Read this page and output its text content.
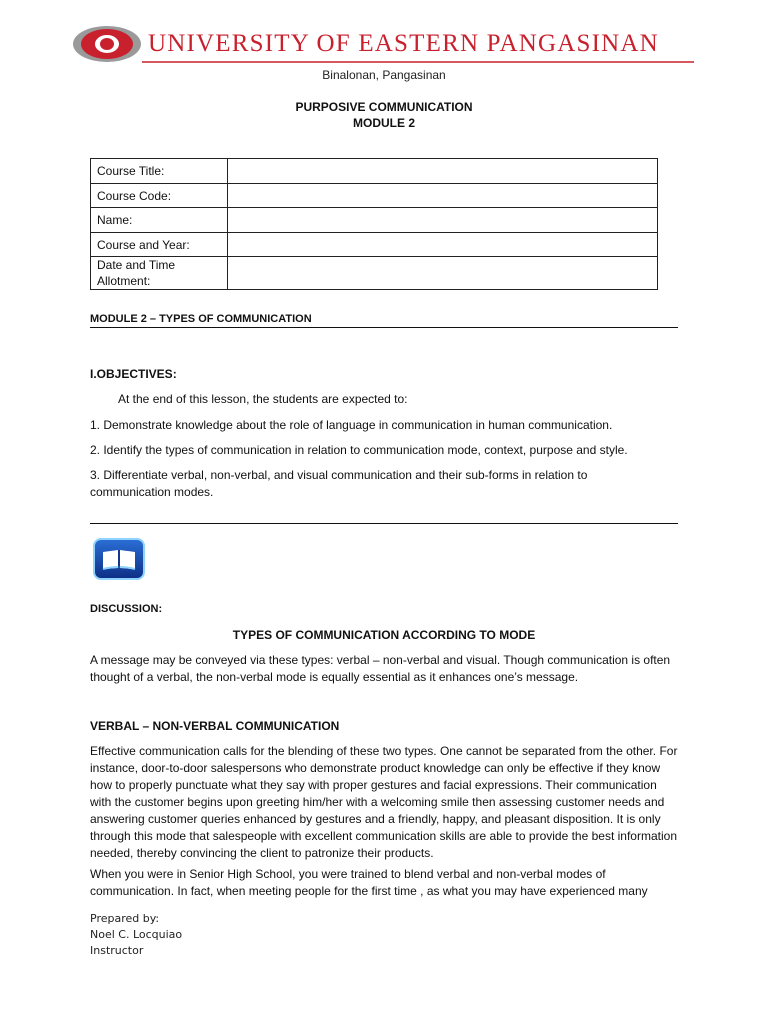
UNIVERSITY OF EASTERN PANGASINAN
Binalonan, Pangasinan
PURPOSIVE COMMUNICATION
MODULE 2
Course Title:	
Course Code:	
Name:	
Course and Year:	
Date and Time Allotment:	
MODULE 2 – TYPES OF COMMUNICATION
I.OBJECTIVES:
At the end of this lesson, the students are expected to:
1. Demonstrate knowledge about the role of language in communication in human communication.
2. Identify the types of communication in relation to communication mode, context, purpose and style.
3. Differentiate verbal, non-verbal, and visual communication and their sub-forms in relation to communication modes.
DISCUSSION:
TYPES OF COMMUNICATION ACCORDING TO MODE
A message may be conveyed via these types: verbal – non-verbal and visual. Though communication is often thought of a verbal, the non-verbal mode is equally essential as it enhances one’s message.
VERBAL – NON-VERBAL COMMUNICATION
Effective communication calls for the blending of these two types. One cannot be separated from the other. For instance, door-to-door salespersons who demonstrate product knowledge can only be effective if they know how to properly punctuate what they say with proper gestures and facial expressions. Their communication with the customer begins upon greeting him/her with a welcoming smile then assessing customer needs and answering customer queries enhanced by gestures and a friendly, happy, and pleasant disposition. It is only through this mode that salespeople with excellent communication skills are able to provide the best information needed, thereby convincing the client to patronize their products.
When you were in Senior High School, you were trained to blend verbal and non-verbal modes of communication. In fact, when meeting people for the first time , as what you may have experienced many
Prepared by:
Noel C. Locquiao
Instructor
